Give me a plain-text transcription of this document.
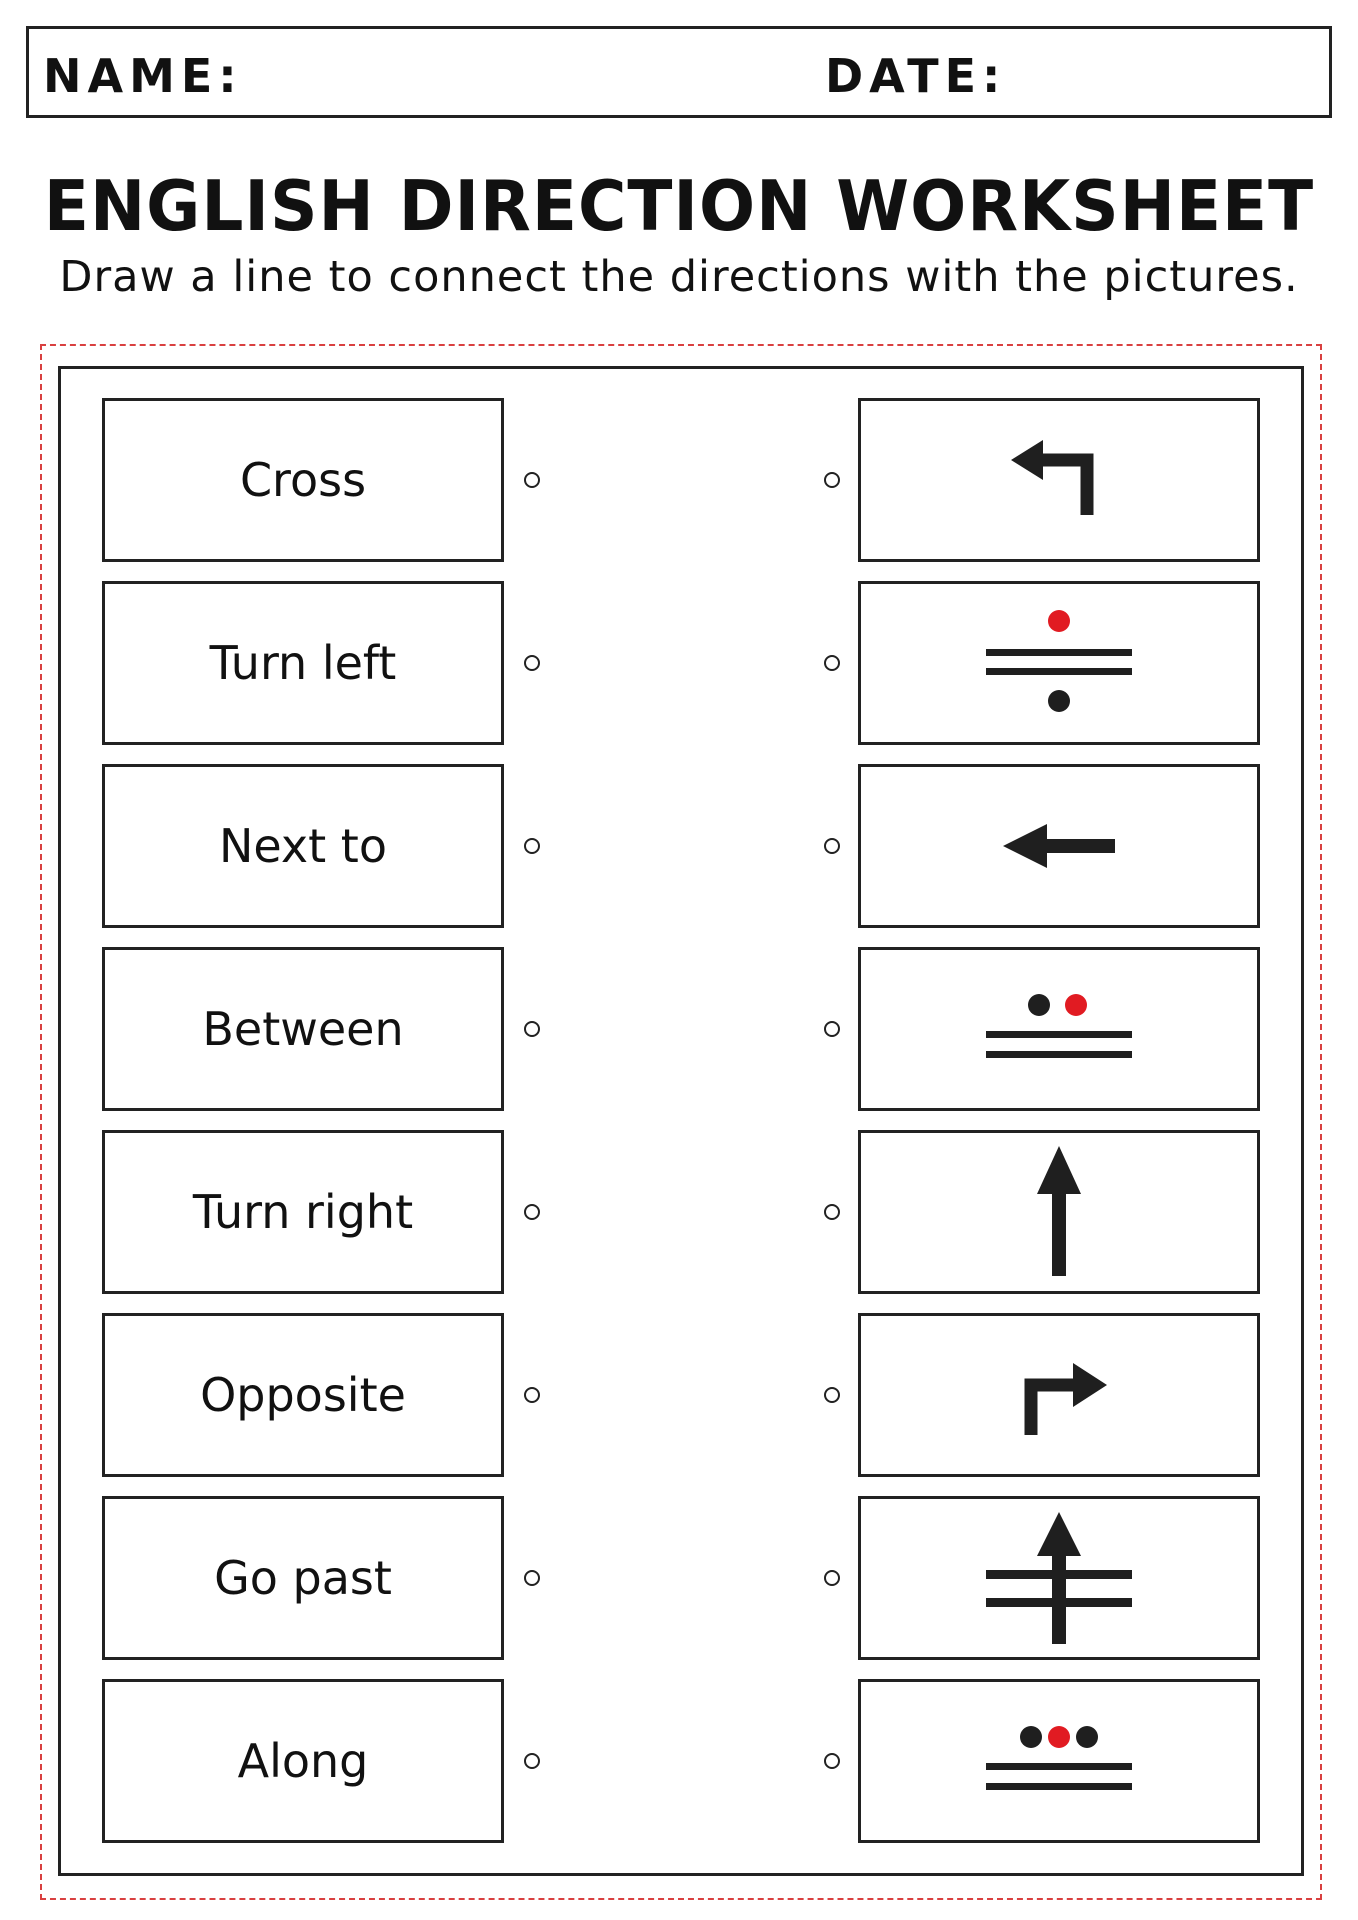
NAME:	DATE:
ENGLISH DIRECTION WORKSHEET
Draw a line to connect the directions with the pictures.
Cross
Turn left
Next to
Between
Turn right
Opposite
Go past
Along
